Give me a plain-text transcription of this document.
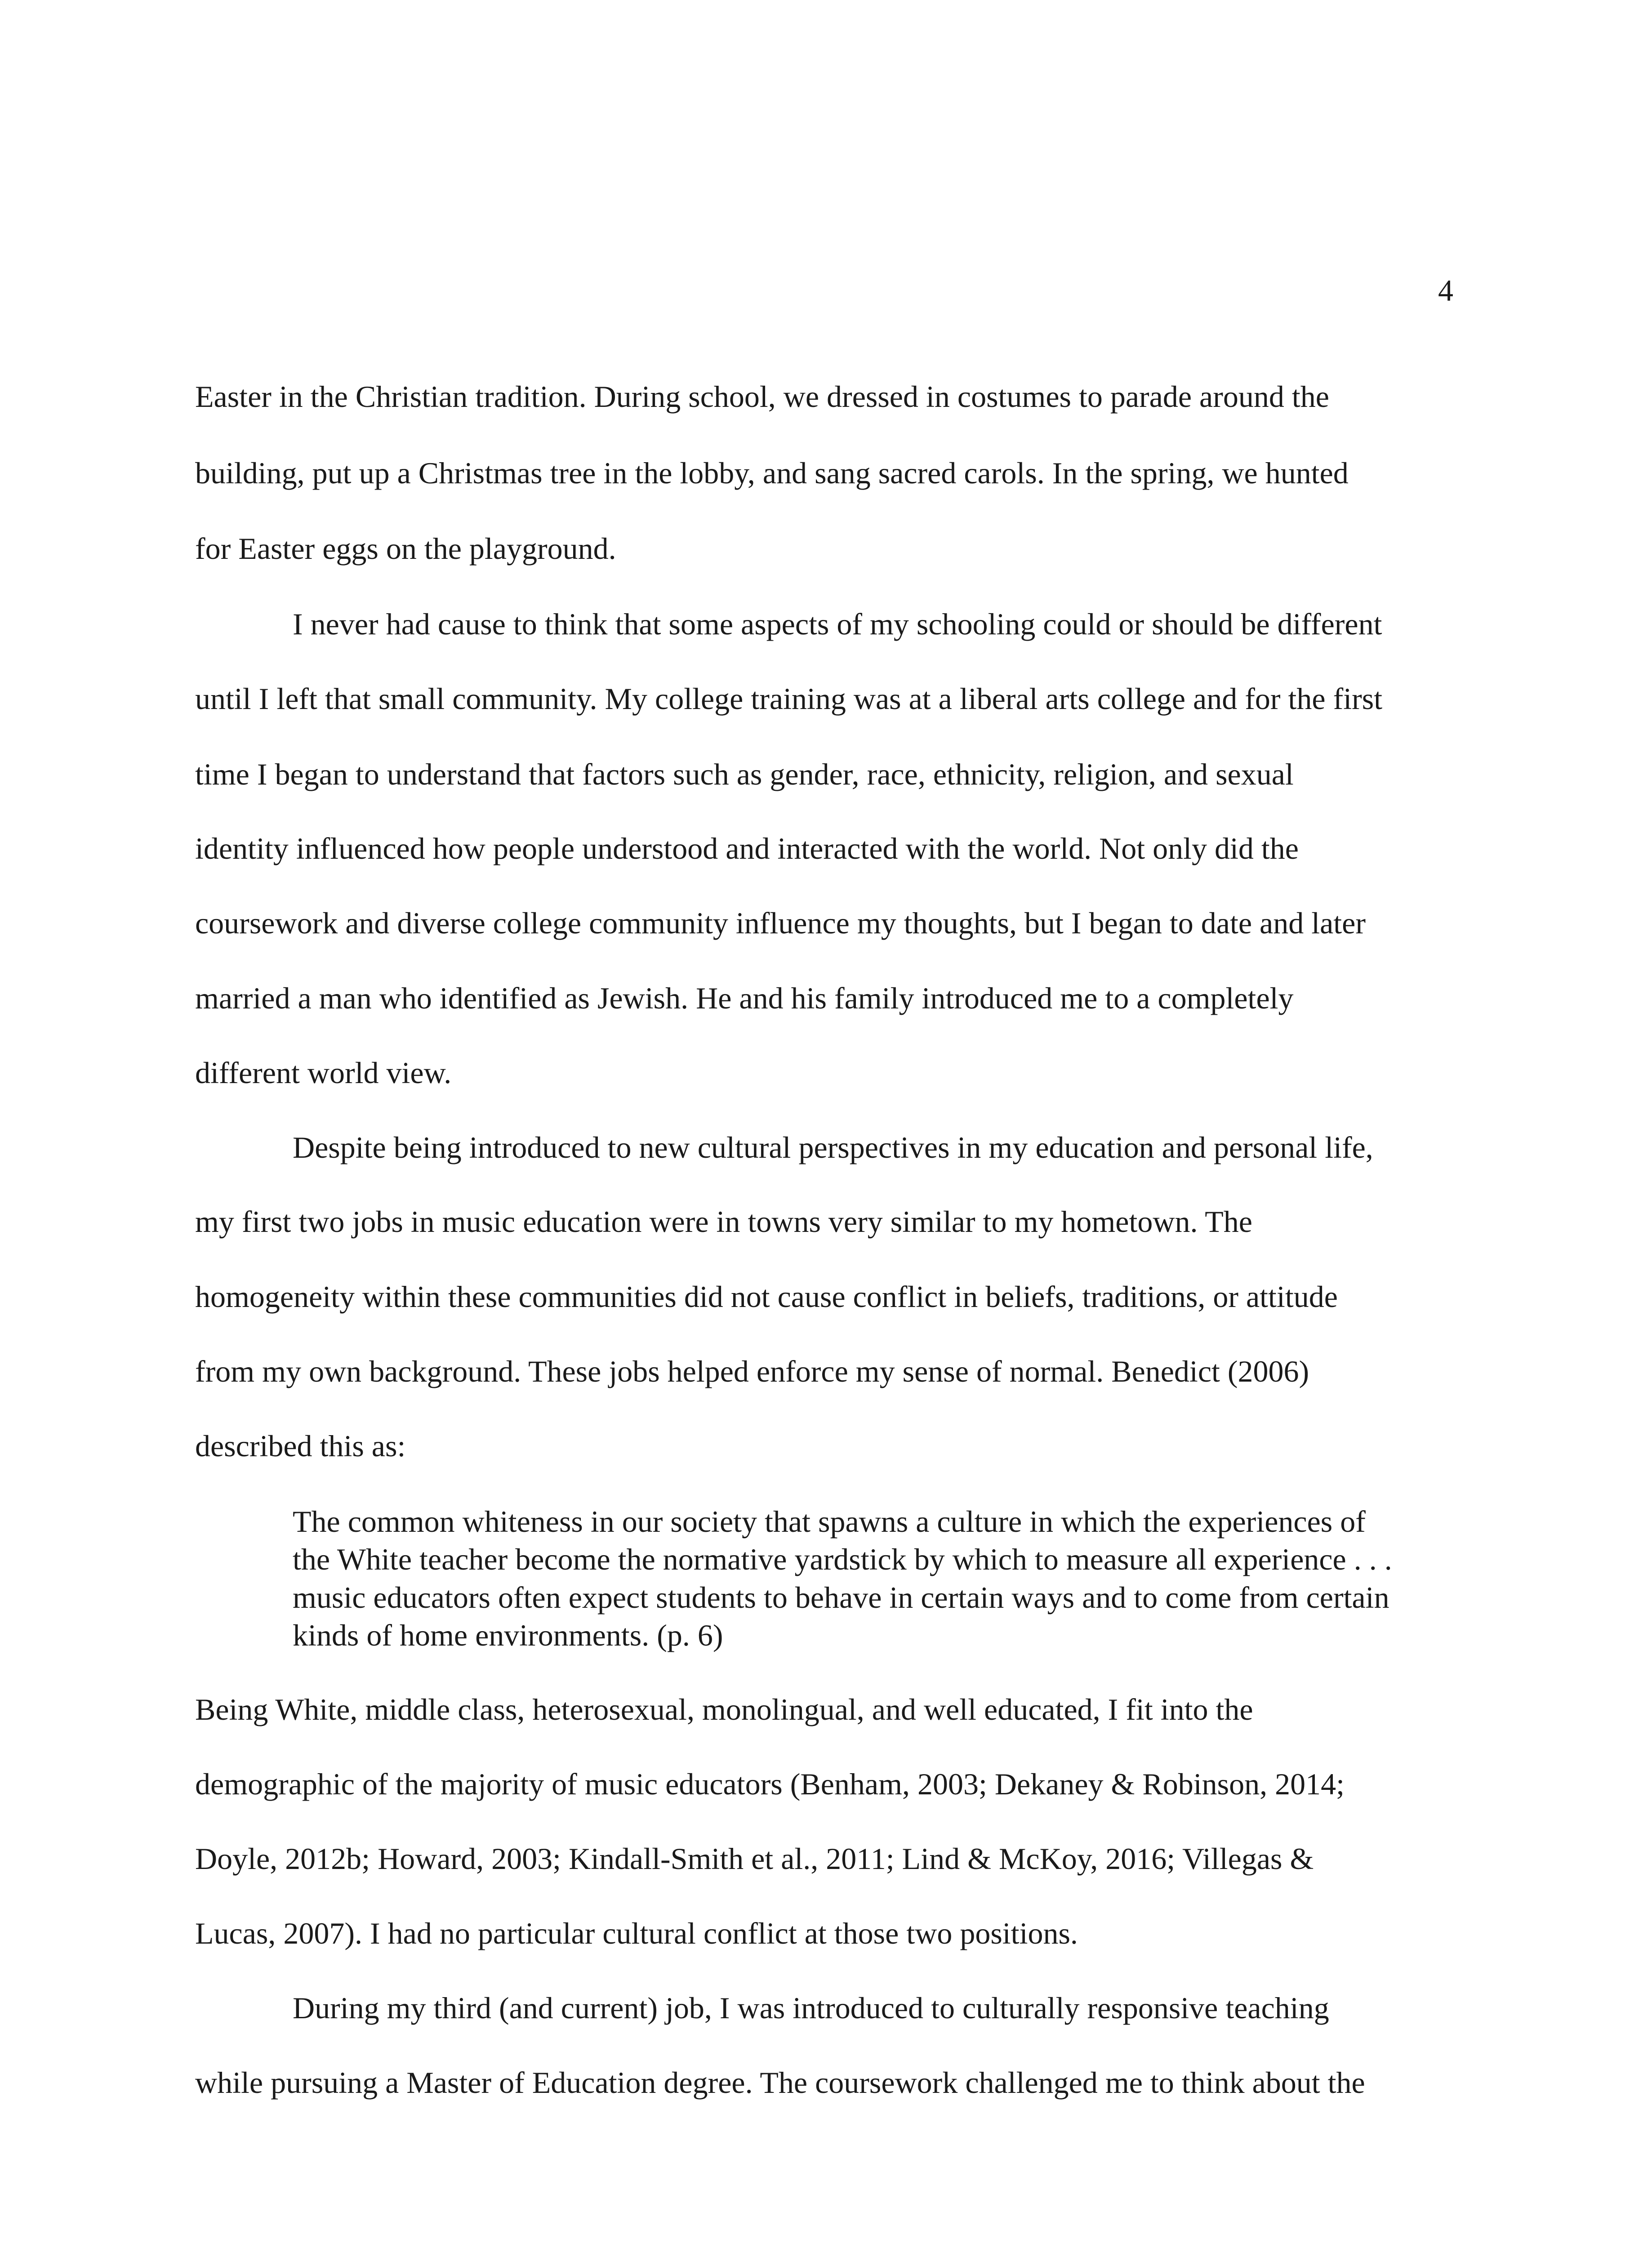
4
Easter in the Christian tradition. During school, we dressed in costumes to parade around the
building, put up a Christmas tree in the lobby, and sang sacred carols. In the spring, we hunted
for Easter eggs on the playground.
I never had cause to think that some aspects of my schooling could or should be different
until I left that small community. My college training was at a liberal arts college and for the first
time I began to understand that factors such as gender, race, ethnicity, religion, and sexual
identity influenced how people understood and interacted with the world. Not only did the
coursework and diverse college community influence my thoughts, but I began to date and later
married a man who identified as Jewish. He and his family introduced me to a completely
different world view.
Despite being introduced to new cultural perspectives in my education and personal life,
my first two jobs in music education were in towns very similar to my hometown. The
homogeneity within these communities did not cause conflict in beliefs, traditions, or attitude
from my own background. These jobs helped enforce my sense of normal. Benedict (2006)
described this as:
The common whiteness in our society that spawns a culture in which the experiences of
the White teacher become the normative yardstick by which to measure all experience . . .
music educators often expect students to behave in certain ways and to come from certain
kinds of home environments. (p. 6)
Being White, middle class, heterosexual, monolingual, and well educated, I fit into the
demographic of the majority of music educators (Benham, 2003; Dekaney & Robinson, 2014;
Doyle, 2012b; Howard, 2003; Kindall-Smith et al., 2011; Lind & McKoy, 2016; Villegas &
Lucas, 2007). I had no particular cultural conflict at those two positions.
During my third (and current) job, I was introduced to culturally responsive teaching
while pursuing a Master of Education degree. The coursework challenged me to think about the
